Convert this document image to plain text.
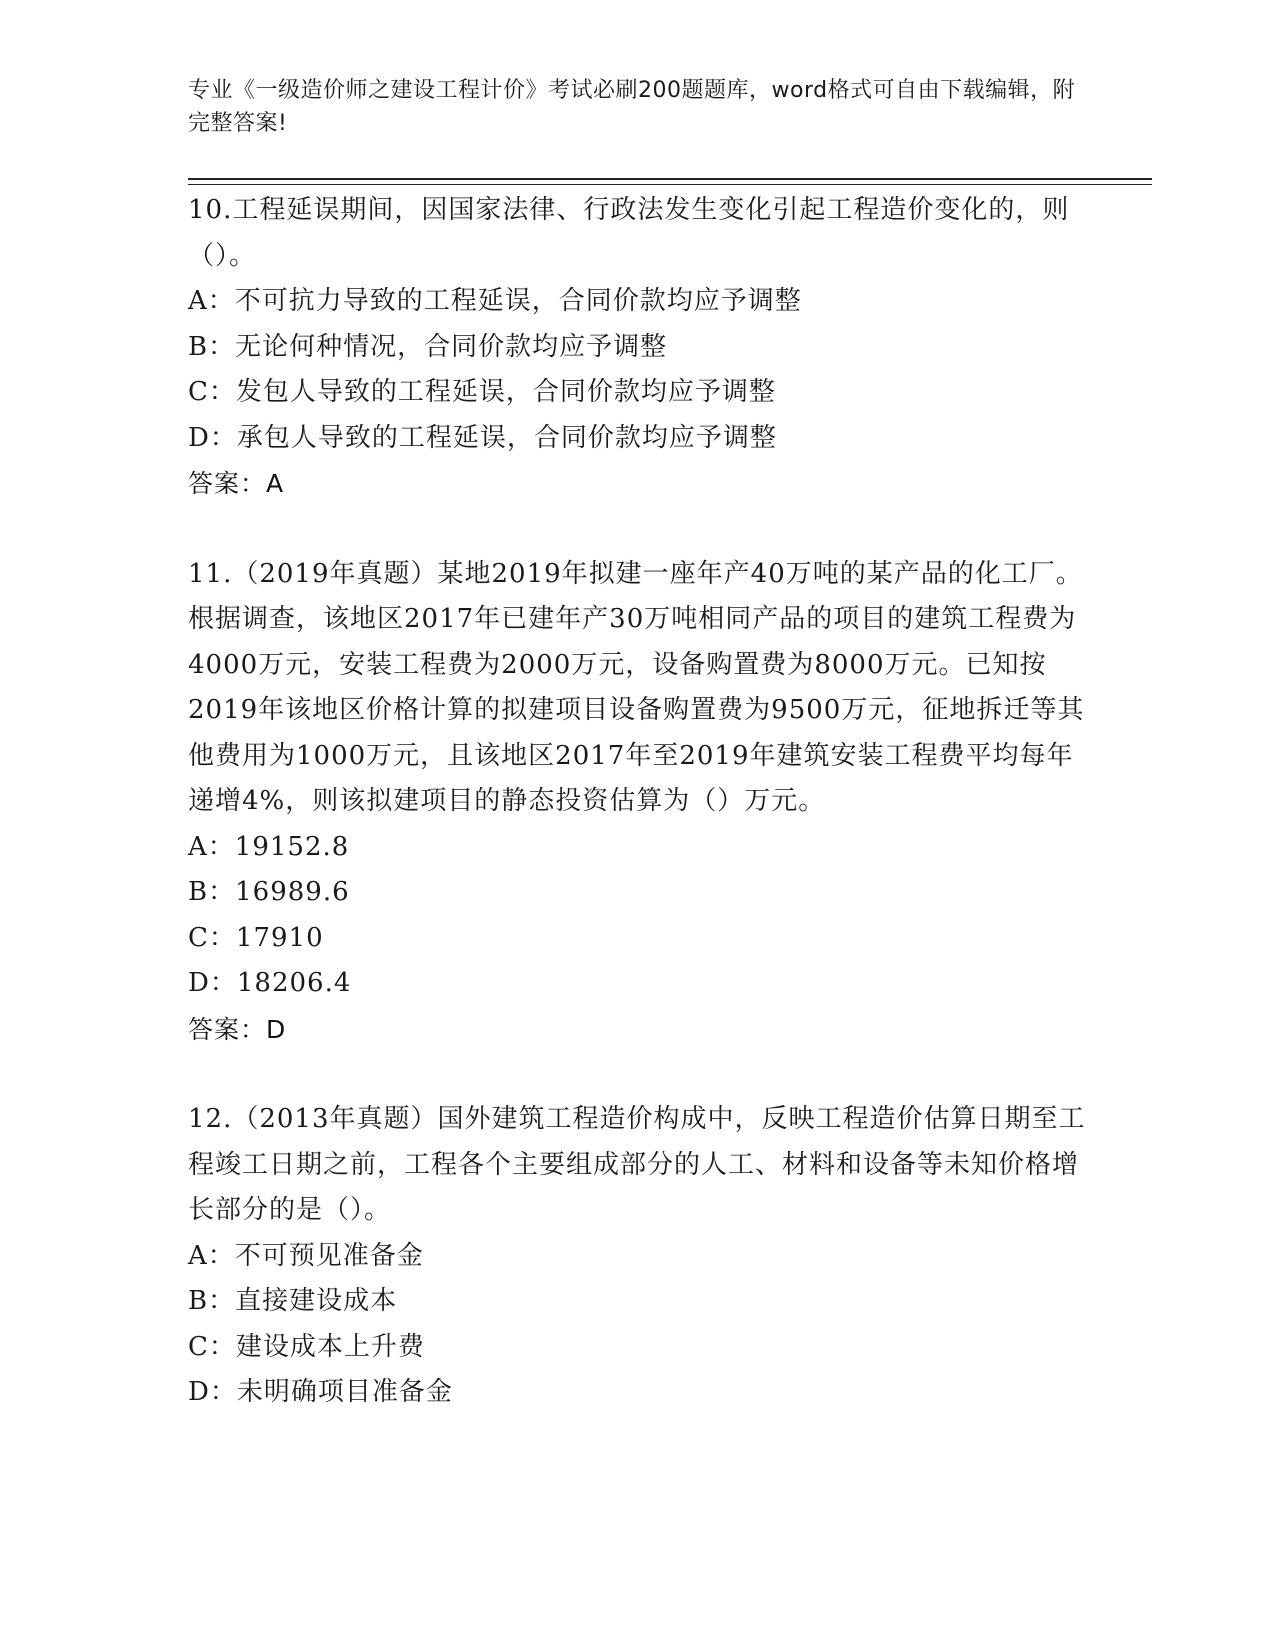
专业《一级造价师之建设工程计价》考试必刷200题题库，word格式可自由下载编辑，附完整答案!

10.工程延误期间，因国家法律、行政法发生变化引起工程造价变化的，则（）。

A：不可抗力导致的工程延误，合同价款均应予调整

B：无论何种情况，合同价款均应予调整

C：发包人导致的工程延误，合同价款均应予调整

D：承包人导致的工程延误，合同价款均应予调整

答案：A

11.（2019年真题）某地2019年拟建一座年产40万吨的某产品的化工厂。根据调查，该地区2017年已建年产30万吨相同产品的项目的建筑工程费为4000万元，安装工程费为2000万元，设备购置费为8000万元。已知按2019年该地区价格计算的拟建项目设备购置费为9500万元，征地拆迁等其他费用为1000万元，且该地区2017年至2019年建筑安装工程费平均每年递增4%，则该拟建项目的静态投资估算为（）万元。

A：19152.8

B：16989.6

C：17910

D：18206.4

答案：D

12.（2013年真题）国外建筑工程造价构成中，反映工程造价估算日期至工程竣工日期之前，工程各个主要组成部分的人工、材料和设备等未知价格增长部分的是（）。

A：不可预见准备金

B：直接建设成本

C：建设成本上升费

D：未明确项目准备金
